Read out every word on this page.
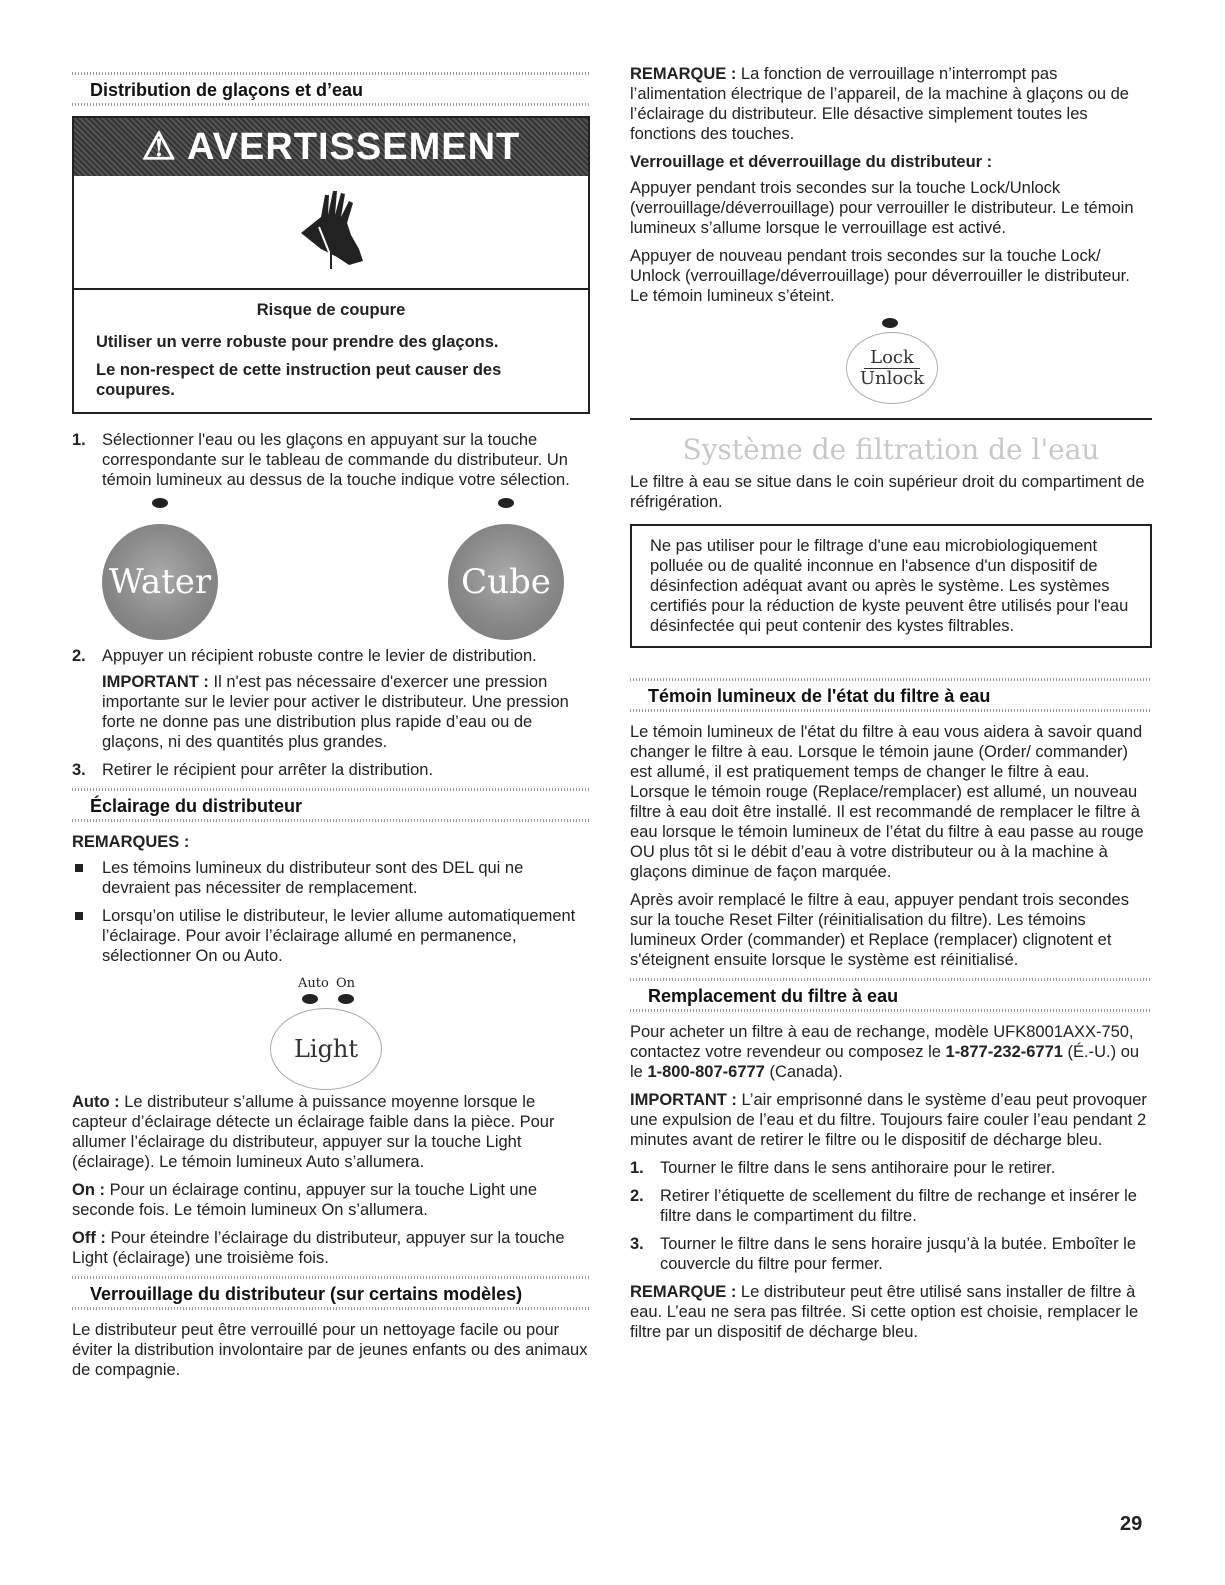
Distribution de glaçons et d’eau
⚠ AVERTISSEMENT
Risque de coupure

Utiliser un verre robuste pour prendre des glaçons.

Le non-respect de cette instruction peut causer des coupures.

1. Sélectionner l'eau ou les glaçons en appuyant sur la touche correspondante sur le tableau de commande du distributeur. Un témoin lumineux au dessus de la touche indique votre sélection.
Water	Cube
2. Appuyer un récipient robuste contre le levier de distribution.

IMPORTANT : Il n'est pas nécessaire d'exercer une pression importante sur le levier pour activer le distributeur. Une pression forte ne donne pas une distribution plus rapide d’eau ou de glaçons, ni des quantités plus grandes.

3. Retirer le récipient pour arrêter la distribution.
Éclairage du distributeur

REMARQUES :

Les témoins lumineux du distributeur sont des DEL qui ne devraient pas nécessiter de remplacement.
Lorsqu’on utilise le distributeur, le levier allume automatiquement l’éclairage. Pour avoir l’éclairage allumé en permanence, sélectionner On ou Auto.
Auto On
Light

Auto : Le distributeur s’allume à puissance moyenne lorsque le capteur d’éclairage détecte un éclairage faible dans la pièce. Pour allumer l’éclairage du distributeur, appuyer sur la touche Light (éclairage). Le témoin lumineux Auto s’allumera.

On : Pour un éclairage continu, appuyer sur la touche Light une seconde fois. Le témoin lumineux On s’allumera.

Off : Pour éteindre l’éclairage du distributeur, appuyer sur la touche Light (éclairage) une troisième fois.

Verrouillage du distributeur (sur certains modèles)

Le distributeur peut être verrouillé pour un nettoyage facile ou pour éviter la distribution involontaire par de jeunes enfants ou des animaux de compagnie.

REMARQUE : La fonction de verrouillage n’interrompt pas l’alimentation électrique de l’appareil, de la machine à glaçons ou de l’éclairage du distributeur. Elle désactive simplement toutes les fonctions des touches.

Verrouillage et déverrouillage du distributeur :

Appuyer pendant trois secondes sur la touche Lock/Unlock (verrouillage/déverrouillage) pour verrouiller le distributeur. Le témoin lumineux s’allume lorsque le verrouillage est activé.

Appuyer de nouveau pendant trois secondes sur la touche Lock/ Unlock (verrouillage/déverrouillage) pour déverrouiller le distributeur. Le témoin lumineux s’éteint.

Lock
Unlock
Système de filtration de l'eau

Le filtre à eau se situe dans le coin supérieur droit du compartiment de réfrigération.

Ne pas utiliser pour le filtrage d'une eau microbiologiquement polluée ou de qualité inconnue en l'absence d'un dispositif de désinfection adéquat avant ou après le système. Les systèmes certifiés pour la réduction de kyste peuvent être utilisés pour l'eau désinfectée qui peut contenir des kystes filtrables.

Témoin lumineux de l'état du filtre à eau

Le témoin lumineux de l'état du filtre à eau vous aidera à savoir quand changer le filtre à eau. Lorsque le témoin jaune (Order/ commander) est allumé, il est pratiquement temps de changer le filtre à eau. Lorsque le témoin rouge (Replace/remplacer) est allumé, un nouveau filtre à eau doit être installé. Il est recommandé de remplacer le filtre à eau lorsque le témoin lumineux de l’état du filtre à eau passe au rouge OU plus tôt si le débit d’eau à votre distributeur ou à la machine à glaçons diminue de façon marquée.

Après avoir remplacé le filtre à eau, appuyer pendant trois secondes sur la touche Reset Filter (réinitialisation du filtre). Les témoins lumineux Order (commander) et Replace (remplacer) clignotent et s'éteignent ensuite lorsque le système est réinitialisé.

Remplacement du filtre à eau

Pour acheter un filtre à eau de rechange, modèle UFK8001AXX-750, contactez votre revendeur ou composez le 1-877-232-6771 (É.-U.) ou le 1-800-807-6777 (Canada).

IMPORTANT : L’air emprisonné dans le système d’eau peut provoquer une expulsion de l’eau et du filtre. Toujours faire couler l’eau pendant 2 minutes avant de retirer le filtre ou le dispositif de décharge bleu.

1. Tourner le filtre dans le sens antihoraire pour le retirer.
2. Retirer l’étiquette de scellement du filtre de rechange et insérer le filtre dans le compartiment du filtre.
3. Tourner le filtre dans le sens horaire jusqu’à la butée. Emboîter le couvercle du filtre pour fermer.

REMARQUE : Le distributeur peut être utilisé sans installer de filtre à eau. L’eau ne sera pas filtrée. Si cette option est choisie, remplacer le filtre par un dispositif de décharge bleu.

29
